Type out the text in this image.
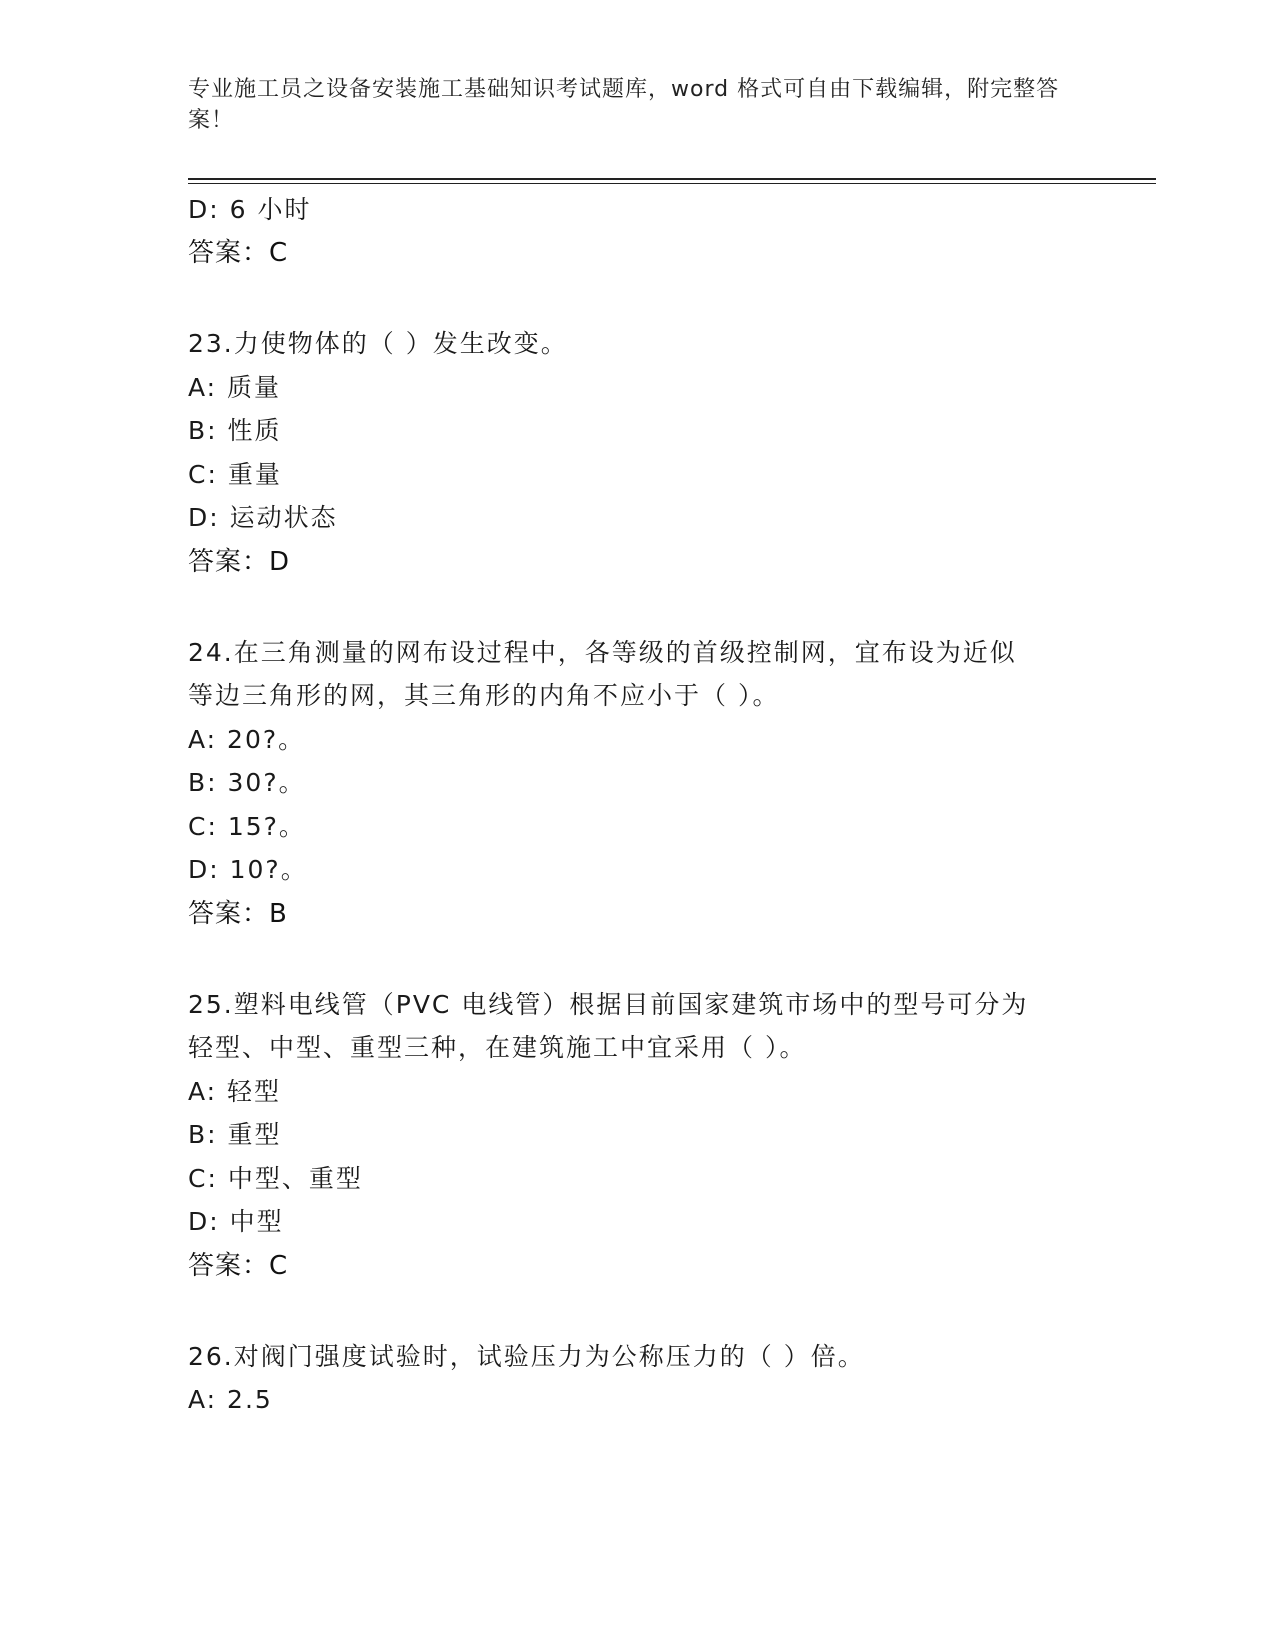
专业施工员之设备安装施工基础知识考试题库，word 格式可自由下载编辑，附完整答案！
D: 6 小时
答案：C
23.力使物体的（ ）发生改变。
A: 质量
B: 性质
C: 重量
D: 运动状态
答案：D
24.在三角测量的网布设过程中，各等级的首级控制网，宜布设为近似
等边三角形的网，其三角形的内角不应小于（ ）。
A: 20?。
B: 30?。
C: 15?。
D: 10?。
答案：B
25.塑料电线管（PVC 电线管）根据目前国家建筑市场中的型号可分为
轻型、中型、重型三种，在建筑施工中宜采用（ ）。
A: 轻型
B: 重型
C: 中型、重型
D: 中型
答案：C
26.对阀门强度试验时，试验压力为公称压力的（ ）倍。
A: 2.5
